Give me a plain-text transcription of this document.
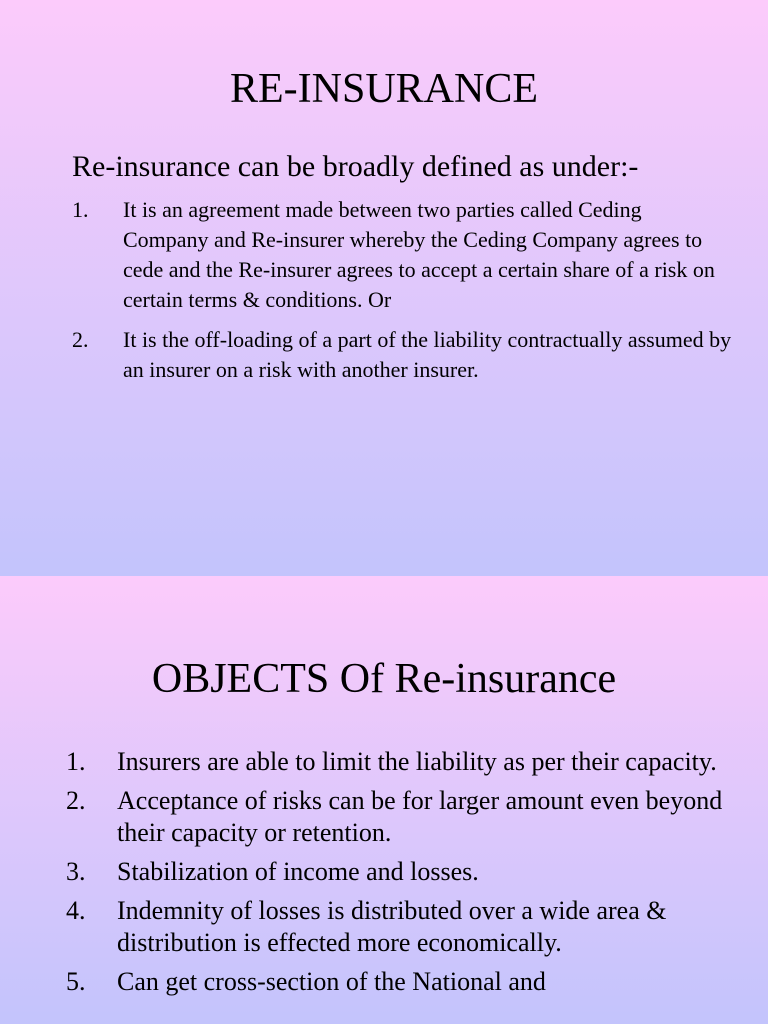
RE-INSURANCE

Re-insurance can be broadly defined as under:-

1. It is an agreement made between two parties called Ceding Company and Re-insurer whereby the Ceding Company agrees to cede and the Re-insurer agrees to accept a certain share of a risk on certain terms & conditions. Or
2. It is the off-loading of a part of the liability contractually assumed by an insurer on a risk with another insurer.
OBJECTS Of Re-insurance
1. Insurers are able to limit the liability as per their capacity.
2. Acceptance of risks can be for larger amount even beyond their capacity or retention.
3. Stabilization of income and losses.
4. Indemnity of losses is distributed over a wide area & distribution is effected more economically.
5. Can get cross-section of the National and
